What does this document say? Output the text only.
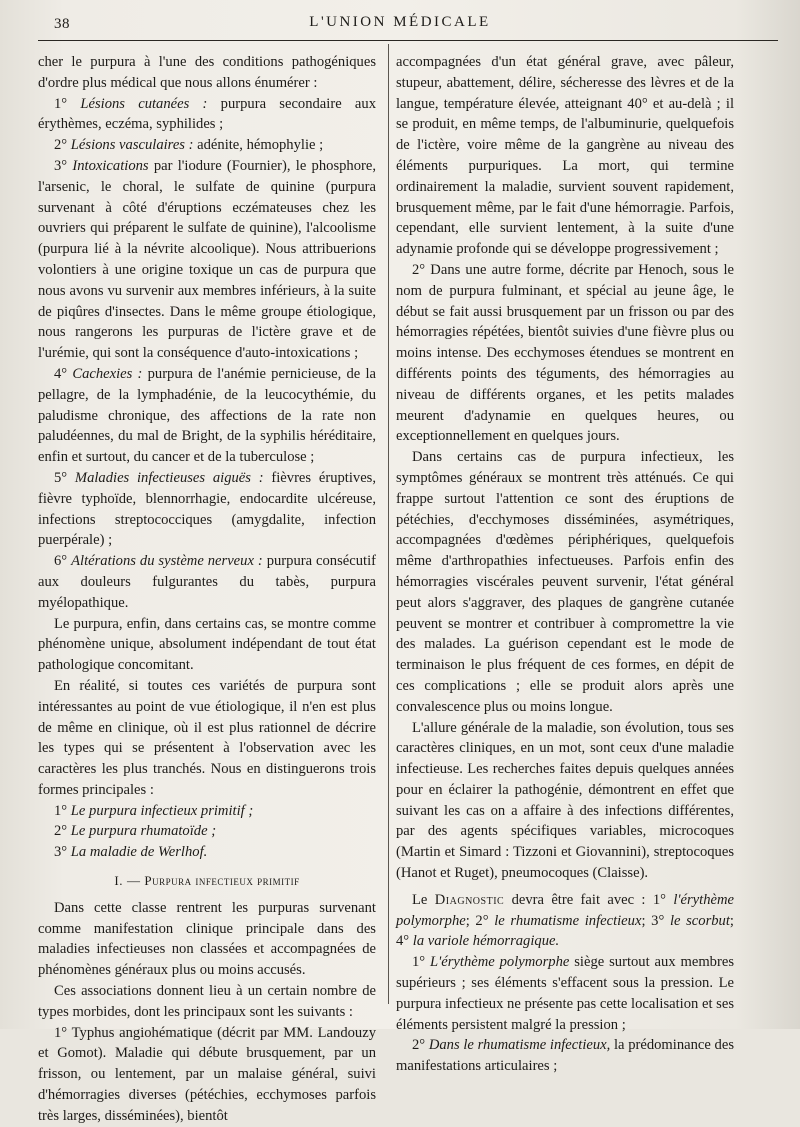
38	L'UNION MÉDICALE

cher le purpura à l'une des conditions pathogéniques d'ordre plus médical que nous allons énumérer :

1° Lésions cutanées : purpura secondaire aux érythèmes, eczéma, syphilides ;

2° Lésions vasculaires : adénite, hémophylie ;

3° Intoxications par l'iodure (Fournier), le phosphore, l'arsenic, le choral, le sulfate de quinine (purpura survenant à côté d'éruptions eczémateuses chez les ouvriers qui préparent le sulfate de quinine), l'alcoolisme (purpura lié à la névrite alcoolique). Nous attribuerions volontiers à une origine toxique un cas de purpura que nous avons vu survenir aux membres inférieurs, à la suite de piqûres d'insectes. Dans le même groupe étiologique, nous rangerons les purpuras de l'ictère grave et de l'urémie, qui sont la conséquence d'auto-intoxications ;

4° Cachexies : purpura de l'anémie pernicieuse, de la pellagre, de la lymphadénie, de la leucocythémie, du paludisme chronique, des affections de la rate non paludéennes, du mal de Bright, de la syphilis héréditaire, enfin et surtout, du cancer et de la tuberculose ;

5° Maladies infectieuses aiguës : fièvres éruptives, fièvre typhoïde, blennorrhagie, endocardite ulcéreuse, infections streptococciques (amygdalite, infection puerpérale) ;

6° Altérations du système nerveux : purpura consécutif aux douleurs fulgurantes du tabès, purpura myélopathique.

Le purpura, enfin, dans certains cas, se montre comme phénomène unique, absolument indépendant de tout état pathologique concomitant.

En réalité, si toutes ces variétés de purpura sont intéressantes au point de vue étiologique, il n'en est plus de même en clinique, où il est plus rationnel de décrire les types qui se présentent à l'observation avec les caractères les plus tranchés. Nous en distinguerons trois formes principales :

1° Le purpura infectieux primitif ;

2° Le purpura rhumatoïde ;

3° La maladie de Werlhof.

I. — Purpura infectieux primitif

Dans cette classe rentrent les purpuras survenant comme manifestation clinique principale dans des maladies infectieuses non classées et accompagnées de phénomènes généraux plus ou moins accusés.

Ces associations donnent lieu à un certain nombre de types morbides, dont les principaux sont les suivants :

1° Typhus angiohématique (décrit par MM. Landouzy et Gomot). Maladie qui débute brusquement, par un frisson, ou lentement, par un malaise général, suivi d'hémorragies diverses (pétéchies, ecchymoses parfois très larges, disséminées), bientôt

accompagnées d'un état général grave, avec pâleur, stupeur, abattement, délire, sécheresse des lèvres et de la langue, température élevée, atteignant 40° et au-delà ; il se produit, en même temps, de l'albuminurie, quelquefois de l'ictère, voire même de la gangrène au niveau des éléments purpuriques. La mort, qui termine ordinairement la maladie, survient souvent rapidement, brusquement même, par le fait d'une hémorragie. Parfois, cependant, elle survient lentement, à la suite d'une adynamie profonde qui se développe progressivement ;

2° Dans une autre forme, décrite par Henoch, sous le nom de purpura fulminant, et spécial au jeune âge, le début se fait aussi brusquement par un frisson ou par des hémorragies répétées, bientôt suivies d'une fièvre plus ou moins intense. Des ecchymoses étendues se montrent en différents points des téguments, des hémorragies au niveau de différents organes, et les petits malades meurent d'adynamie en quelques heures, ou exceptionnellement en quelques jours.

Dans certains cas de purpura infectieux, les symptômes généraux se montrent très atténués. Ce qui frappe surtout l'attention ce sont des éruptions de pétéchies, d'ecchymoses disséminées, asymétriques, accompagnées d'œdèmes périphériques, quelquefois même d'arthropathies infectueuses. Parfois enfin des hémorragies viscérales peuvent survenir, l'état général peut alors s'aggraver, des plaques de gangrène cutanée peuvent se montrer et contribuer à compromettre la vie des malades. La guérison cependant est le mode de terminaison le plus fréquent de ces formes, en dépit de ces complications ; elle se produit alors après une convalescence plus ou moins longue.

L'allure générale de la maladie, son évolution, tous ses caractères cliniques, en un mot, sont ceux d'une maladie infectieuse. Les recherches faites depuis quelques années pour en éclairer la pathogénie, démontrent en effet que suivant les cas on a affaire à des infections différentes, par des agents spécifiques variables, microcoques (Martin et Simard : Tizzoni et Giovannini), streptocoques (Hanot et Ruget), pneumocoques (Claisse).

Le Diagnostic devra être fait avec : 1° l'érythème polymorphe; 2° le rhumatisme infectieux; 3° le scorbut; 4° la variole hémorragique.

1° L'érythème polymorphe siège surtout aux membres supérieurs ; ses éléments s'effacent sous la pression. Le purpura infectieux ne présente pas cette localisation et ses éléments persistent malgré la pression ;

2° Dans le rhumatisme infectieux, la prédominance des manifestations articulaires ;
